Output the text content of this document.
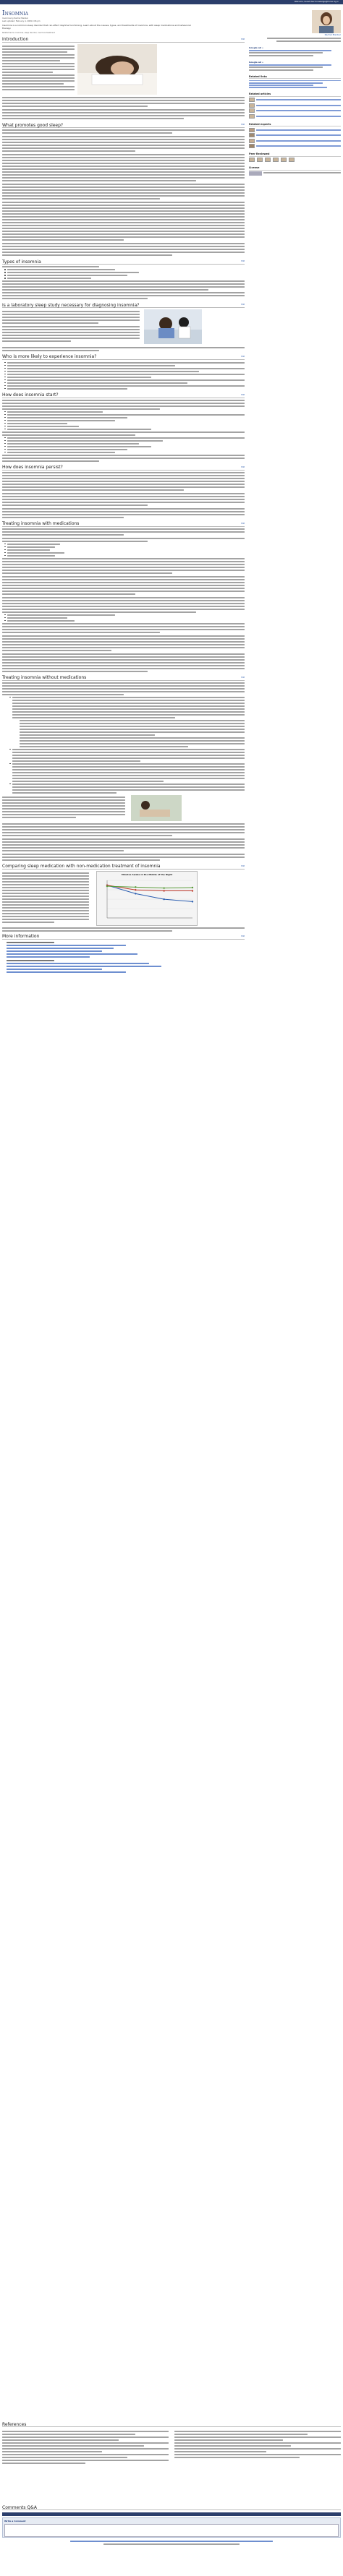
Welcome, Guest User Knowledge@Home log in
Insomnia
Insomnia by Rachel Manber
Last updated: February 4, 2009 2:06 pm
Insomnia is a common sleep disorder that can affect daytime functioning. Learn about the causes, types, and treatments of insomnia, with sleep medications and behavioral therapy.
Related terms: Insomnia, sleep disorder, insomnia treatment
Introduction	Edit
What promotes good sleep?	Edit
Types of insomnia	Edit
Is a laboratory sleep study necessary for diagnosing insomnia?	Edit
Who is more likely to experience insomnia?	Edit
How does insomnia start?	Edit
How does insomnia persist?	Edit
Treating insomnia with medications	Edit
Treating insomnia without medications	Edit
Comparing sleep medication with non-medication treatment of insomnia	Edit
Minutes Awake in the Middle of the Night
More information	Edit
Rachel Manber
Google ad »
Google ad »
Related links
Related articles
Related experts
Peer Reviewed
License
References
Comments Q&A
Write a Comment
